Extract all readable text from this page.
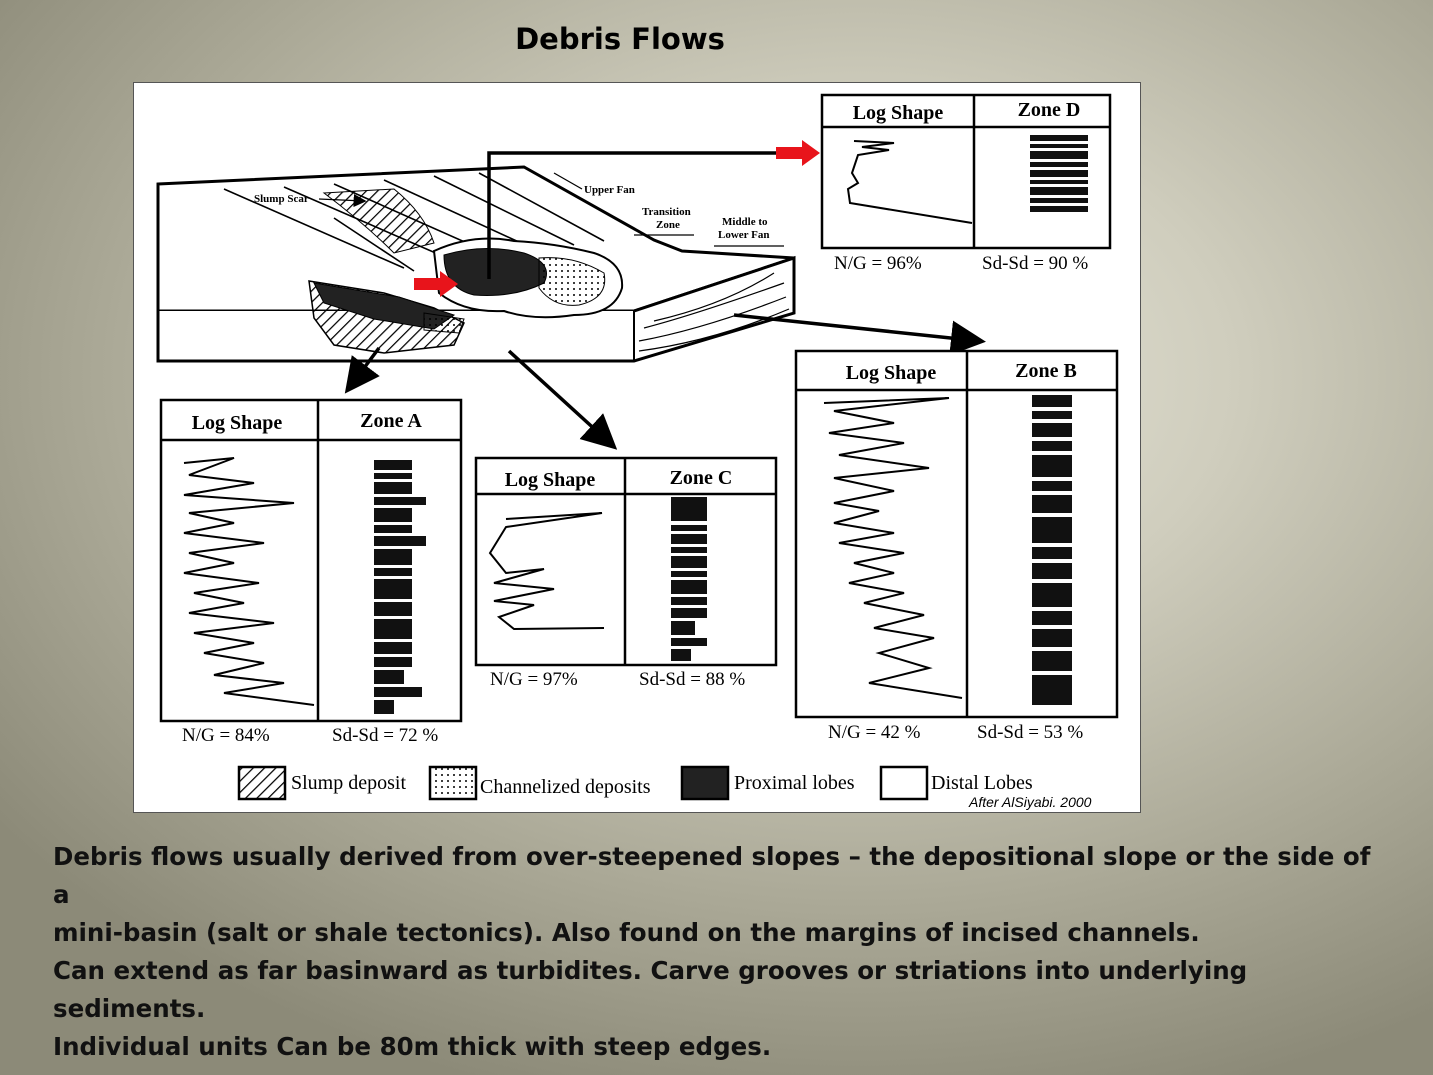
Debris Flows
Slump Scar
Upper Fan
Transition
Zone	Middle to
Lower Fan
Log Shape	Zone D
N/G = 96%	Sd-Sd = 90 %
Log Shape	Zone B
N/G = 42 %	Sd-Sd = 53 %
Log Shape	Zone A
N/G = 84%	Sd-Sd = 72 %
Log Shape	Zone C
N/G = 97%	Sd-Sd = 88 %
Slump deposit	Channelized deposits	Proximal lobes	Distal Lobes
After AlSiyabi. 2000
Debris flows usually derived from over-steepened slopes – the depositional slope or the side of a
mini-basin (salt or shale tectonics). Also found on the margins of incised channels.
Can extend as far basinward as turbidites. Carve grooves or striations into underlying sediments.
Individual units Can be 80m thick with steep edges.
